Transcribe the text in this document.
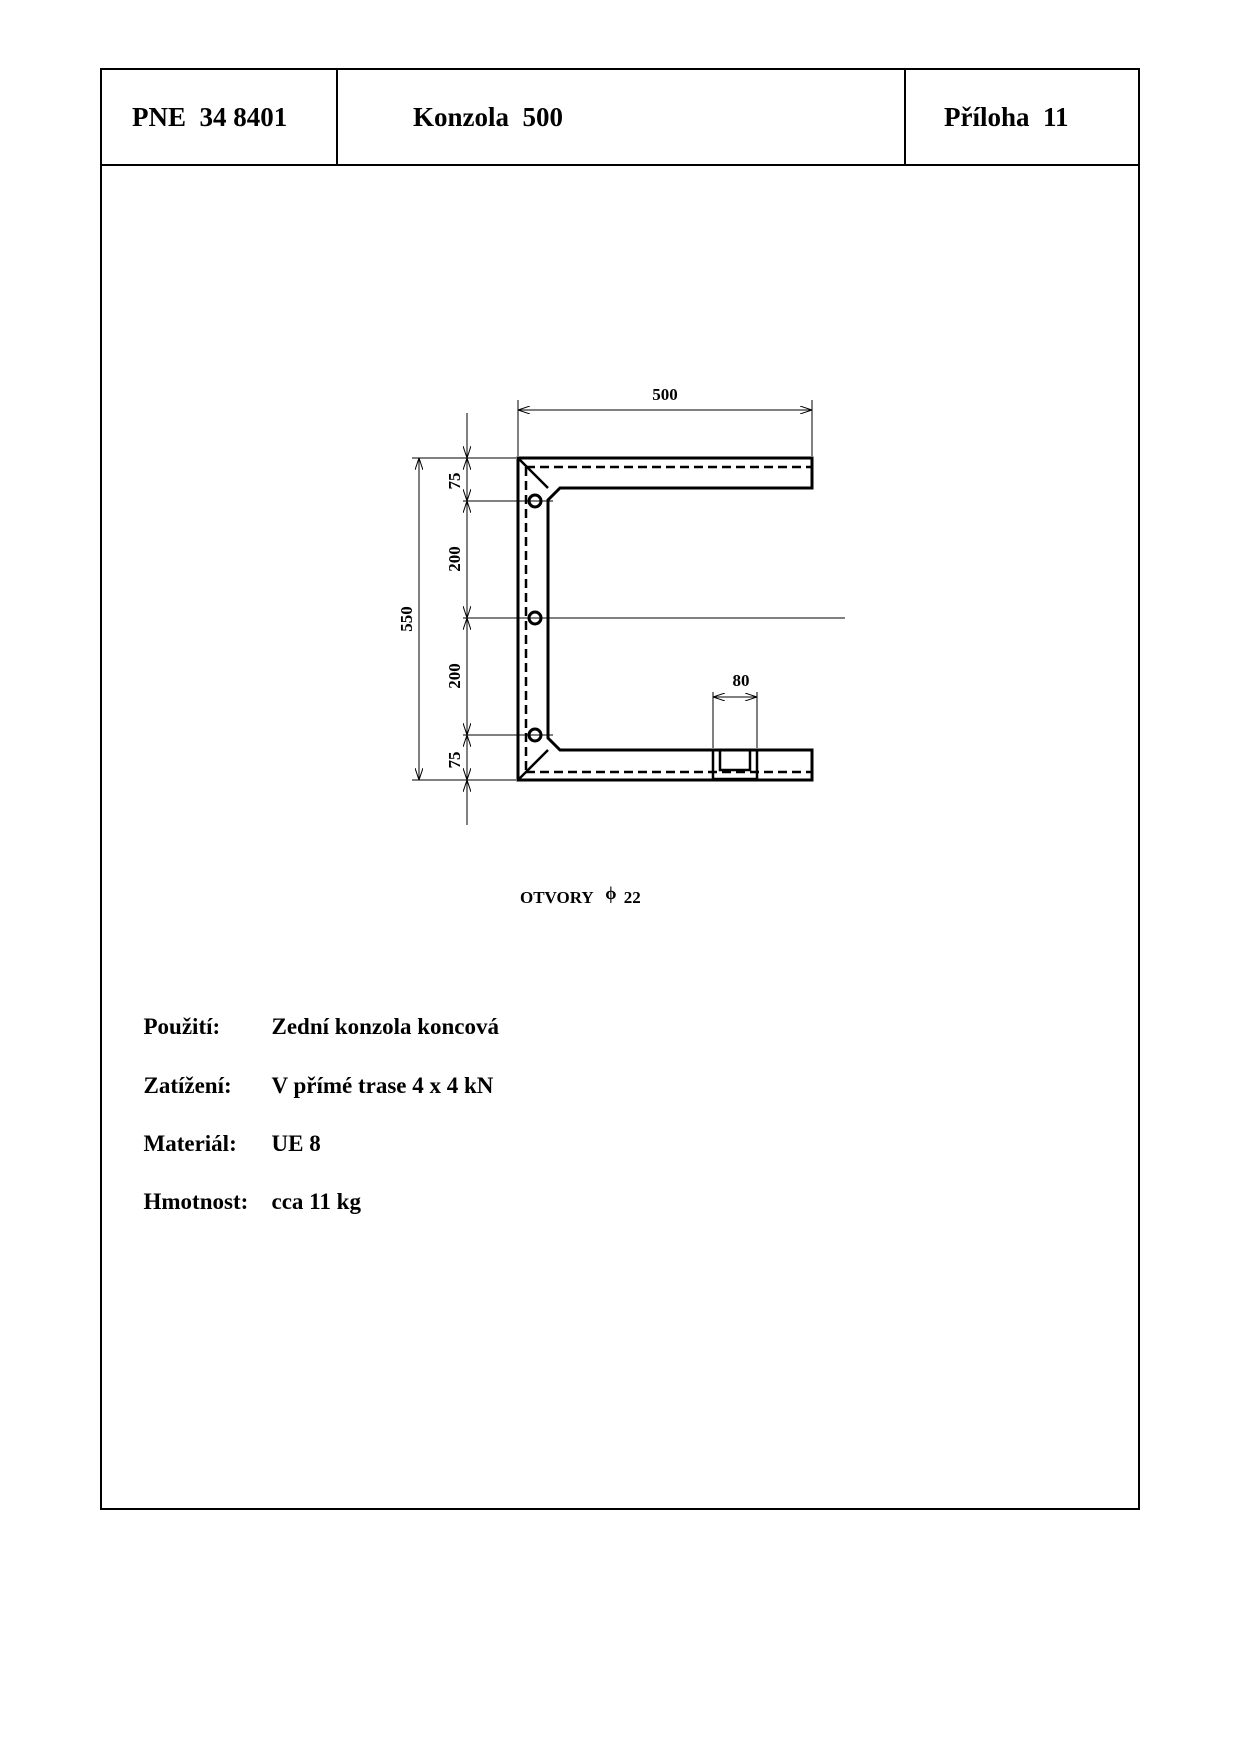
PNE  34 8401	Konzola  500	Příloha  11
500
80
550
75
200
200
75
OTVORY ϕ 22

Použití: Zední konzola koncová

Zatížení: V přímé trase 4 x 4 kN

Materiál: UE 8

Hmotnost: cca 11 kg
